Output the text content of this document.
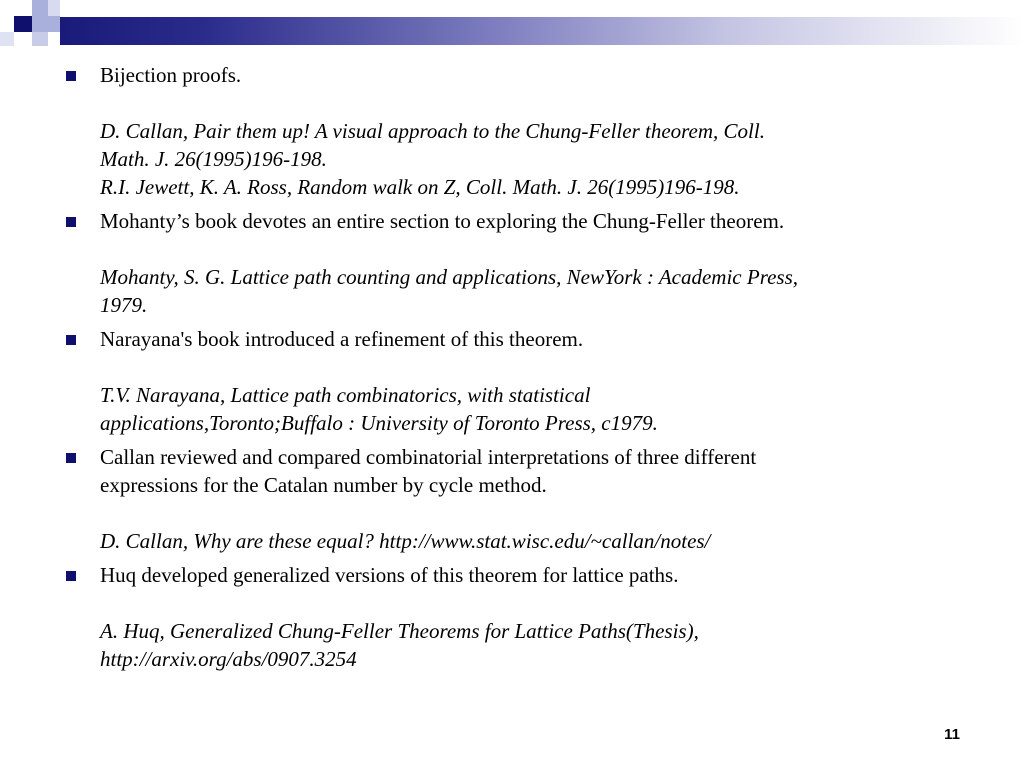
Bijection proofs.
D. Callan, Pair them up! A visual approach to the Chung-Feller theorem, Coll.
Math. J. 26(1995)196-198.
R.I. Jewett, K. A. Ross, Random walk on Z, Coll. Math. J. 26(1995)196-198.
Mohanty’s book devotes an entire section to exploring the Chung-Feller theorem.
Mohanty, S. G. Lattice path counting and applications, NewYork : Academic Press,
1979.
Narayana's book introduced a refinement of this theorem.
T.V. Narayana, Lattice path combinatorics, with statistical
applications,Toronto;Buffalo : University of Toronto Press, c1979.
Callan reviewed and compared combinatorial interpretations of three different
expressions for the Catalan number by cycle method.
D. Callan, Why are these equal? http://www.stat.wisc.edu/~callan/notes/
Huq developed generalized versions of this theorem for lattice paths.
A. Huq, Generalized Chung-Feller Theorems for Lattice Paths(Thesis),
http://arxiv.org/abs/0907.3254
11
